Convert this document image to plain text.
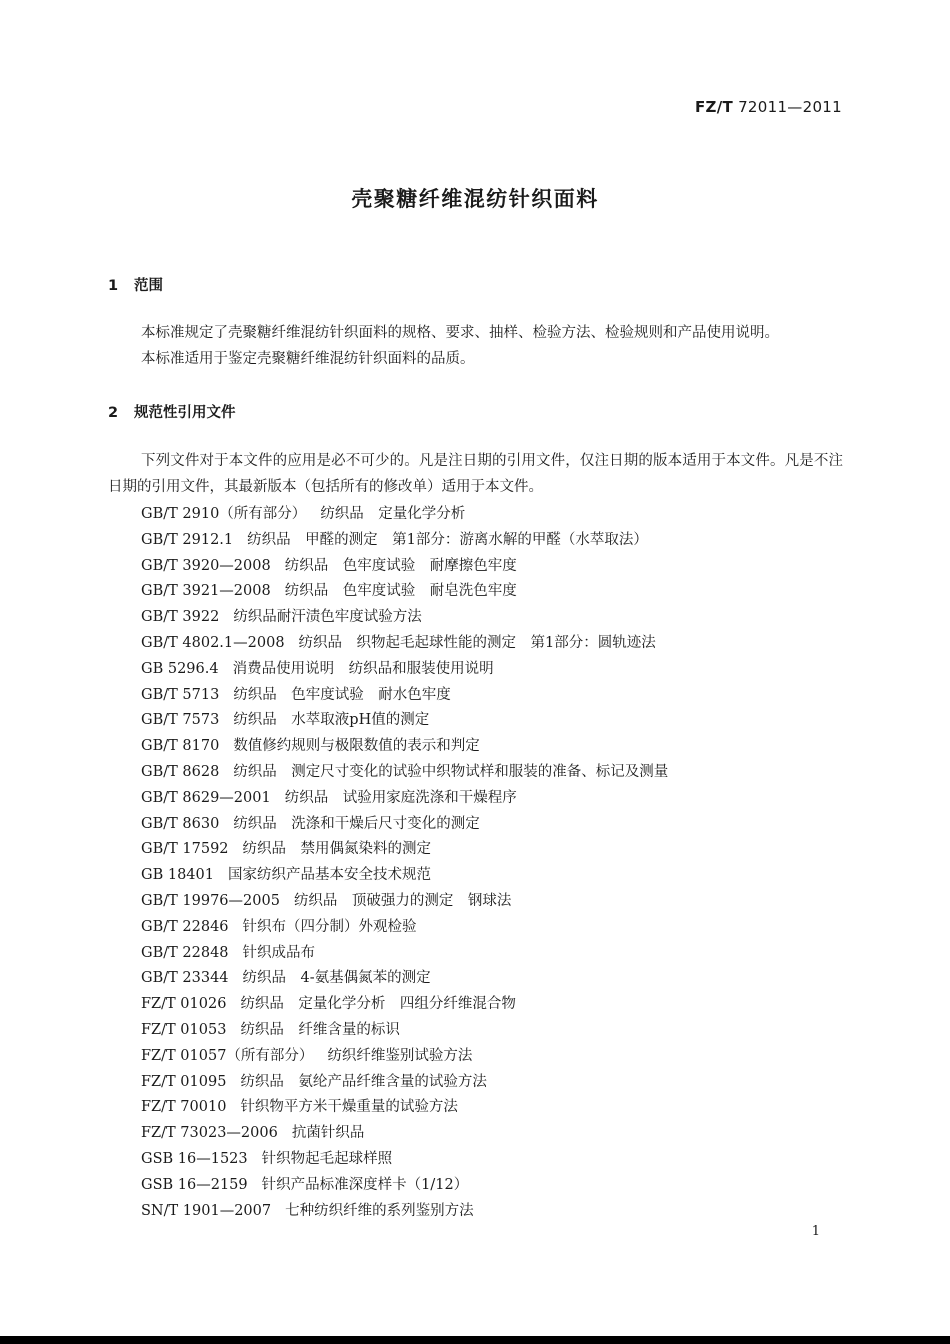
FZ/T 72011—2011
壳聚糖纤维混纺针织面料
1 范围
本标准规定了壳聚糖纤维混纺针织面料的规格、要求、抽样、检验方法、检验规则和产品使用说明。
本标准适用于鉴定壳聚糖纤维混纺针织面料的品质。
2 规范性引用文件
下列文件对于本文件的应用是必不可少的。凡是注日期的引用文件，仅注日期的版本适用于本文件。凡是不注日期的引用文件，其最新版本（包括所有的修改单）适用于本文件。
GB/T 2910（所有部分） 纺织品　定量化学分析
GB/T 2912.1 纺织品　甲醛的测定　第1部分：游离水解的甲醛（水萃取法）
GB/T 3920—2008 纺织品　色牢度试验　耐摩擦色牢度
GB/T 3921—2008 纺织品　色牢度试验　耐皂洗色牢度
GB/T 3922 纺织品耐汗渍色牢度试验方法
GB/T 4802.1—2008 纺织品　织物起毛起球性能的测定　第1部分：圆轨迹法
GB 5296.4 消费品使用说明　纺织品和服装使用说明
GB/T 5713 纺织品　色牢度试验　耐水色牢度
GB/T 7573 纺织品　水萃取液pH值的测定
GB/T 8170 数值修约规则与极限数值的表示和判定
GB/T 8628 纺织品　测定尺寸变化的试验中织物试样和服装的准备、标记及测量
GB/T 8629—2001 纺织品　试验用家庭洗涤和干燥程序
GB/T 8630 纺织品　洗涤和干燥后尺寸变化的测定
GB/T 17592 纺织品　禁用偶氮染料的测定
GB 18401 国家纺织产品基本安全技术规范
GB/T 19976—2005 纺织品　顶破强力的测定　钢球法
GB/T 22846 针织布（四分制）外观检验
GB/T 22848 针织成品布
GB/T 23344 纺织品　4-氨基偶氮苯的测定
FZ/T 01026 纺织品　定量化学分析　四组分纤维混合物
FZ/T 01053 纺织品　纤维含量的标识
FZ/T 01057（所有部分） 纺织纤维鉴别试验方法
FZ/T 01095 纺织品　氨纶产品纤维含量的试验方法
FZ/T 70010 针织物平方米干燥重量的试验方法
FZ/T 73023—2006 抗菌针织品
GSB 16—1523 针织物起毛起球样照
GSB 16—2159 针织产品标准深度样卡（1/12）
SN/T 1901—2007 七种纺织纤维的系列鉴别方法
1
